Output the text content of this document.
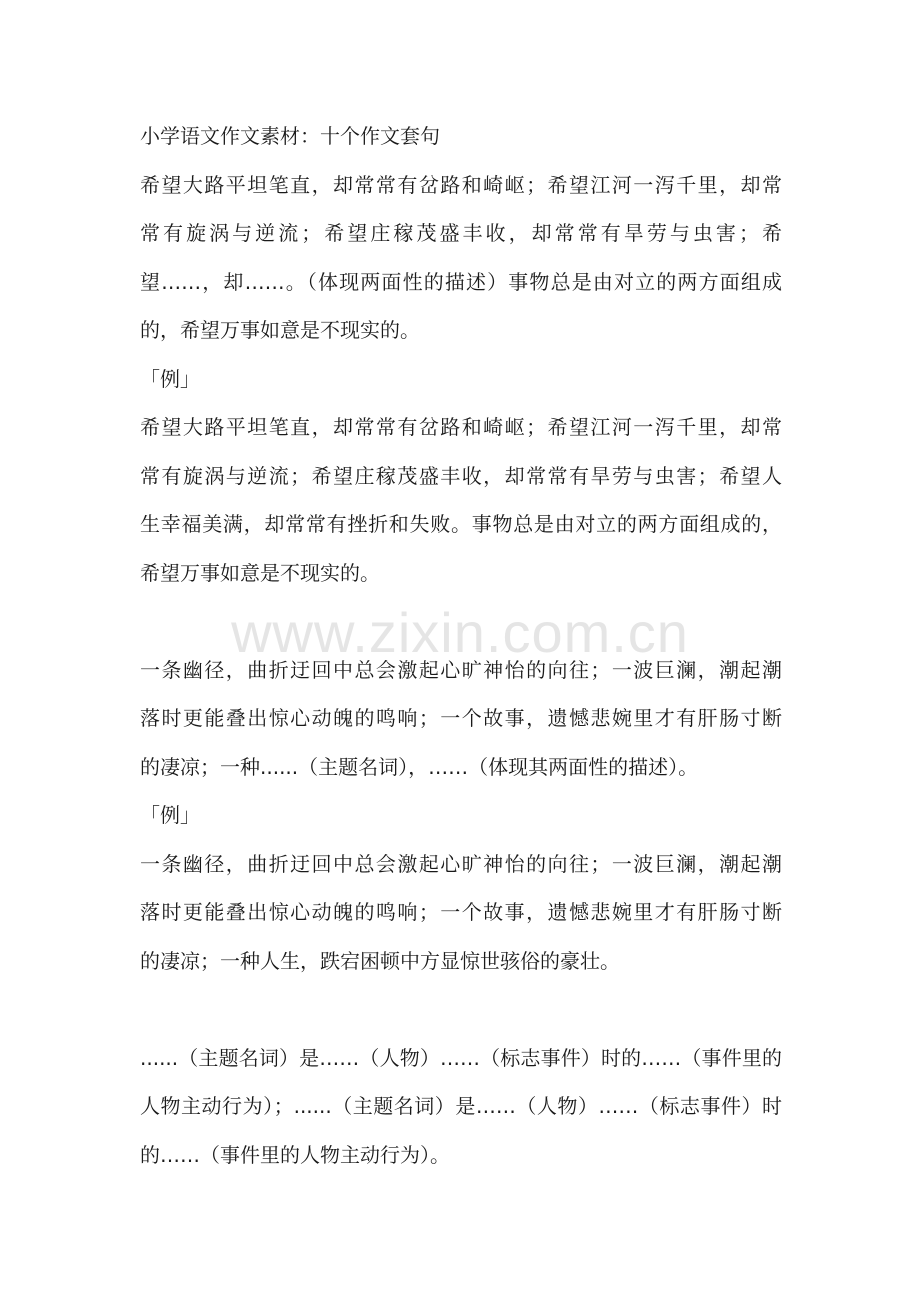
www.zixin.com.cn
小学语文作文素材：十个作文套句
希望大路平坦笔直，却常常有岔路和崎岖；希望江河一泻千里，却常
常有旋涡与逆流；希望庄稼茂盛丰收，却常常有旱劳与虫害；希
望……，却……。（体现两面性的描述）事物总是由对立的两方面组成
的，希望万事如意是不现实的。
「例」
希望大路平坦笔直，却常常有岔路和崎岖；希望江河一泻千里，却常
常有旋涡与逆流；希望庄稼茂盛丰收，却常常有旱劳与虫害；希望人
生幸福美满，却常常有挫折和失败。事物总是由对立的两方面组成的，
希望万事如意是不现实的。
一条幽径，曲折迂回中总会激起心旷神怡的向往；一波巨澜，潮起潮
落时更能叠出惊心动魄的鸣响；一个故事，遗憾悲婉里才有肝肠寸断
的凄凉；一种......（主题名词），……（体现其两面性的描述）。
「例」
一条幽径，曲折迂回中总会激起心旷神怡的向往；一波巨澜，潮起潮
落时更能叠出惊心动魄的鸣响；一个故事，遗憾悲婉里才有肝肠寸断
的凄凉；一种人生，跌宕困顿中方显惊世骇俗的豪壮。
......（主题名词）是……（人物）……（标志事件）时的……（事件里的
人物主动行为）；......（主题名词）是……（人物）……（标志事件）时
的……（事件里的人物主动行为）。
